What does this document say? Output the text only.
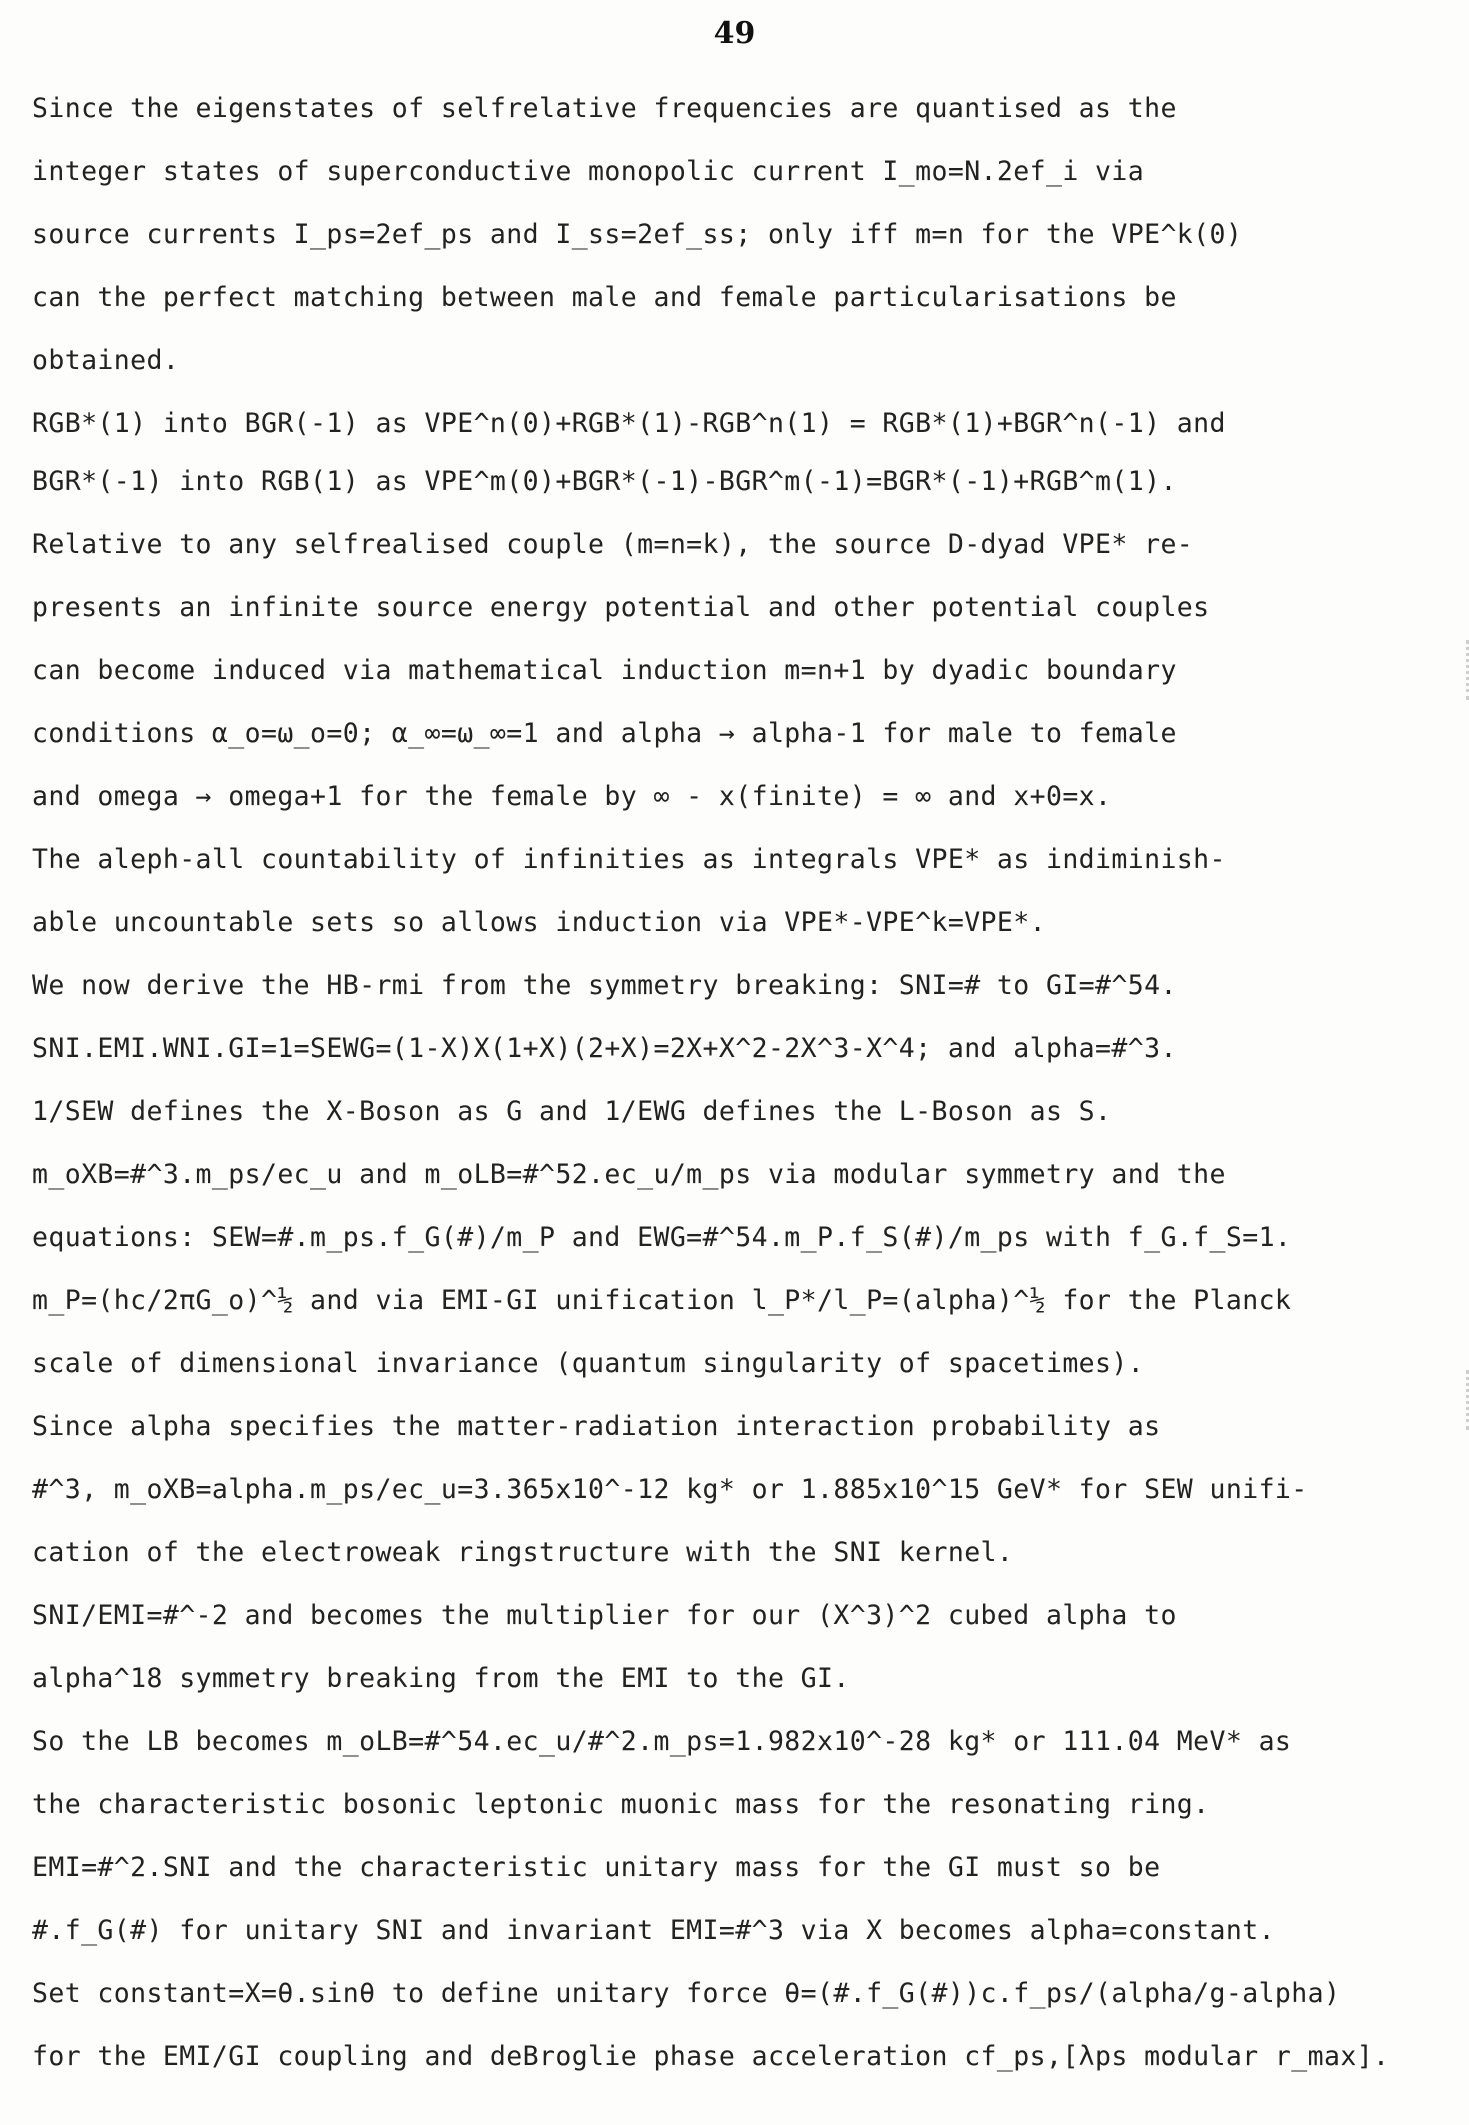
49
Since the eigenstates of selfrelative frequencies are quantised as the
integer states of superconductive monopolic current I_mo=N.2ef_i via
source currents I_ps=2ef_ps and I_ss=2ef_ss; only iff m=n for the VPE^k(0)
can the perfect matching between male and female particularisations be
obtained.
RGB*(1) into BGR(-1) as VPE^n(0)+RGB*(1)-RGB^n(1) = RGB*(1)+BGR^n(-1) and
BGR*(-1) into RGB(1) as VPE^m(0)+BGR*(-1)-BGR^m(-1)=BGR*(-1)+RGB^m(1).
Relative to any selfrealised couple (m=n=k), the source D-dyad VPE* re-
presents an infinite source energy potential and other potential couples
can become induced via mathematical induction m=n+1 by dyadic boundary
conditions α_o=ω_o=0; α_∞=ω_∞=1 and alpha → alpha-1 for male to female
and omega → omega+1 for the female by ∞ - x(finite) = ∞ and x+0=x.
The aleph-all countability of infinities as integrals VPE* as indiminish-
able uncountable sets so allows induction via VPE*-VPE^k=VPE*.
We now derive the HB-rmi from the symmetry breaking: SNI=# to GI=#^54.
SNI.EMI.WNI.GI=1=SEWG=(1-X)X(1+X)(2+X)=2X+X^2-2X^3-X^4; and alpha=#^3.
1/SEW defines the X-Boson as G and 1/EWG defines the L-Boson as S.
m_oXB=#^3.m_ps/ec_u and m_oLB=#^52.ec_u/m_ps via modular symmetry and the
equations: SEW=#.m_ps.f_G(#)/m_P and EWG=#^54.m_P.f_S(#)/m_ps with f_G.f_S=1.
m_P=(hc/2πG_o)^½ and via EMI-GI unification l_P*/l_P=(alpha)^½ for the Planck
scale of dimensional invariance (quantum singularity of spacetimes).
Since alpha specifies the matter-radiation interaction probability as
#^3, m_oXB=alpha.m_ps/ec_u=3.365x10^-12 kg* or 1.885x10^15 GeV* for SEW unifi-
cation of the electroweak ringstructure with the SNI kernel.
SNI/EMI=#^-2 and becomes the multiplier for our (X^3)^2 cubed alpha to
alpha^18 symmetry breaking from the EMI to the GI.
So the LB becomes m_oLB=#^54.ec_u/#^2.m_ps=1.982x10^-28 kg* or 111.04 MeV* as
the characteristic bosonic leptonic muonic mass for the resonating ring.
EMI=#^2.SNI and the characteristic unitary mass for the GI must so be
#.f_G(#) for unitary SNI and invariant EMI=#^3 via X becomes alpha=constant.
Set constant=X=θ.sinθ to define unitary force θ=(#.f_G(#))c.f_ps/(alpha/g-alpha)
for the EMI/GI coupling and deBroglie phase acceleration cf_ps,[λps modular r_max].
